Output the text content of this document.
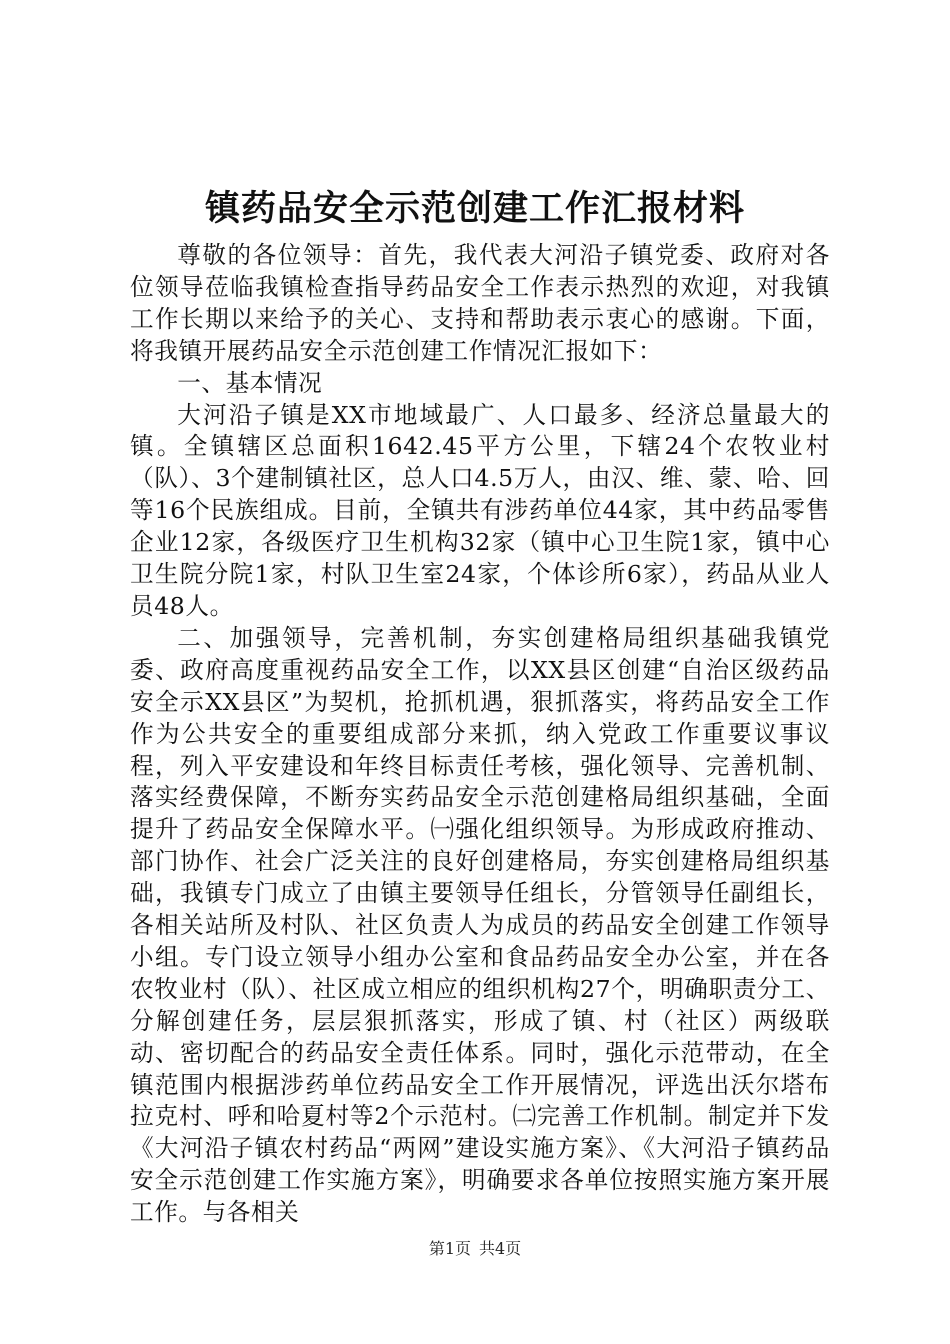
镇药品安全示范创建工作汇报材料

尊敬的各位领导：首先，我代表大河沿子镇党委、政府对各位领导莅临我镇检查指导药品安全工作表示热烈的欢迎，对我镇工作长期以来给予的关心、支持和帮助表示衷心的感谢。下面，将我镇开展药品安全示范创建工作情况汇报如下：

一、基本情况

大河沿子镇是XX市地域最广、人口最多、经济总量最大的镇。全镇辖区总面积1642.45平方公里，下辖24个农牧业村（队）、3个建制镇社区，总人口4.5万人，由汉、维、蒙、哈、回等16个民族组成。目前，全镇共有涉药单位44家，其中药品零售企业12家，各级医疗卫生机构32家（镇中心卫生院1家，镇中心卫生院分院1家，村队卫生室24家，个体诊所6家），药品从业人员48人。

二、加强领导，完善机制，夯实创建格局组织基础我镇党委、政府高度重视药品安全工作，以XX县区创建“自治区级药品安全示XX县区”为契机，抢抓机遇，狠抓落实，将药品安全工作作为公共安全的重要组成部分来抓，纳入党政工作重要议事议程，列入平安建设和年终目标责任考核，强化领导、完善机制、落实经费保障，不断夯实药品安全示范创建格局组织基础，全面提升了药品安全保障水平。㈠强化组织领导。为形成政府推动、部门协作、社会广泛关注的良好创建格局，夯实创建格局组织基础，我镇专门成立了由镇主要领导任组长，分管领导任副组长，各相关站所及村队、社区负责人为成员的药品安全创建工作领导小组。专门设立领导小组办公室和食品药品安全办公室，并在各农牧业村（队）、社区成立相应的组织机构27个，明确职责分工、分解创建任务，层层狠抓落实，形成了镇、村（社区）两级联动、密切配合的药品安全责任体系。同时，强化示范带动，在全镇范围内根据涉药单位药品安全工作开展情况，评选出沃尔塔布拉克村、呼和哈夏村等2个示范村。㈡完善工作机制。制定并下发《大河沿子镇农村药品“两网”建设实施方案》、《大河沿子镇药品安全示范创建工作实施方案》，明确要求各单位按照实施方案开展工作。与各相关

第1页 共4页
